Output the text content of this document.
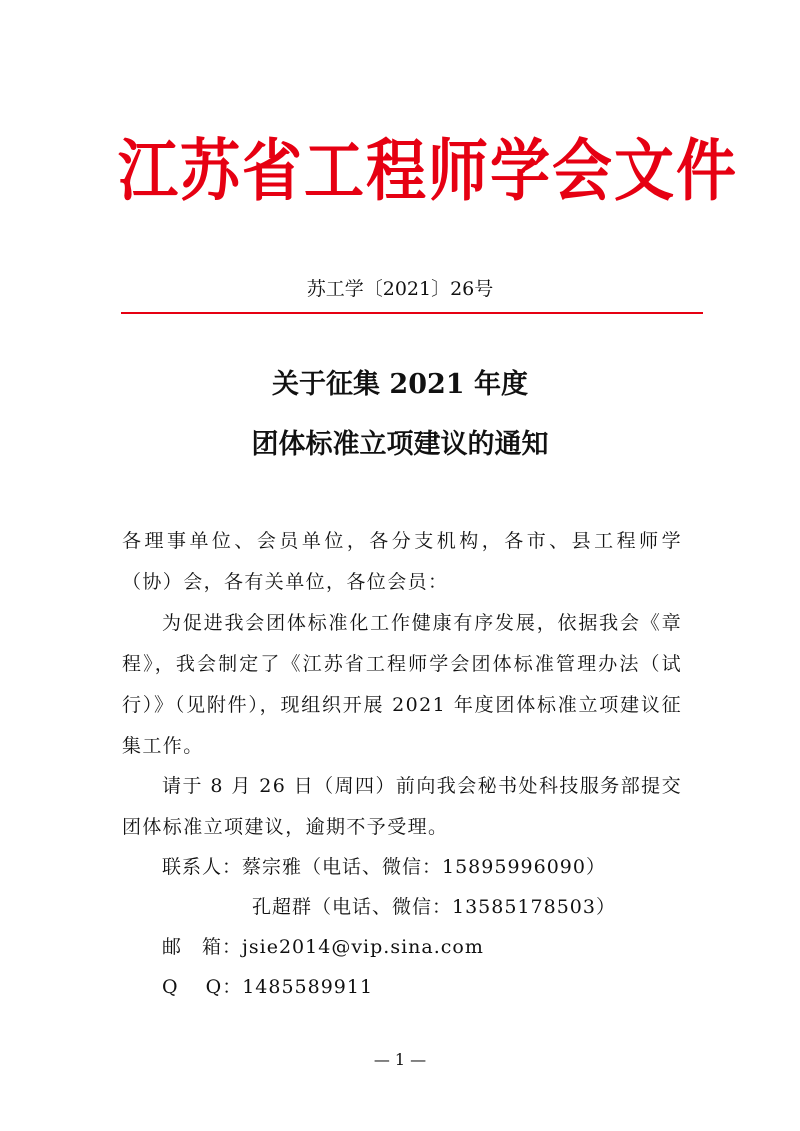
江苏省工程师学会文件
苏工学〔2021〕26号
关于征集 2021 年度
团体标准立项建议的通知
各理事单位、会员单位，各分支机构，各市、县工程师学（协）会，各有关单位，各位会员：
为促进我会团体标准化工作健康有序发展，依据我会《章程》，我会制定了《江苏省工程师学会团体标准管理办法（试行）》（见附件），现组织开展 2021 年度团体标准立项建议征集工作。
请于 8 月 26 日（周四）前向我会秘书处科技服务部提交团体标准立项建议，逾期不予受理。
联系人：蔡宗雅（电话、微信：15895996090）
孔超群（电话、微信：13585178503）
邮　箱：jsie2014@vip.sina.com
Q　 Q：1485589911
— 1 —
